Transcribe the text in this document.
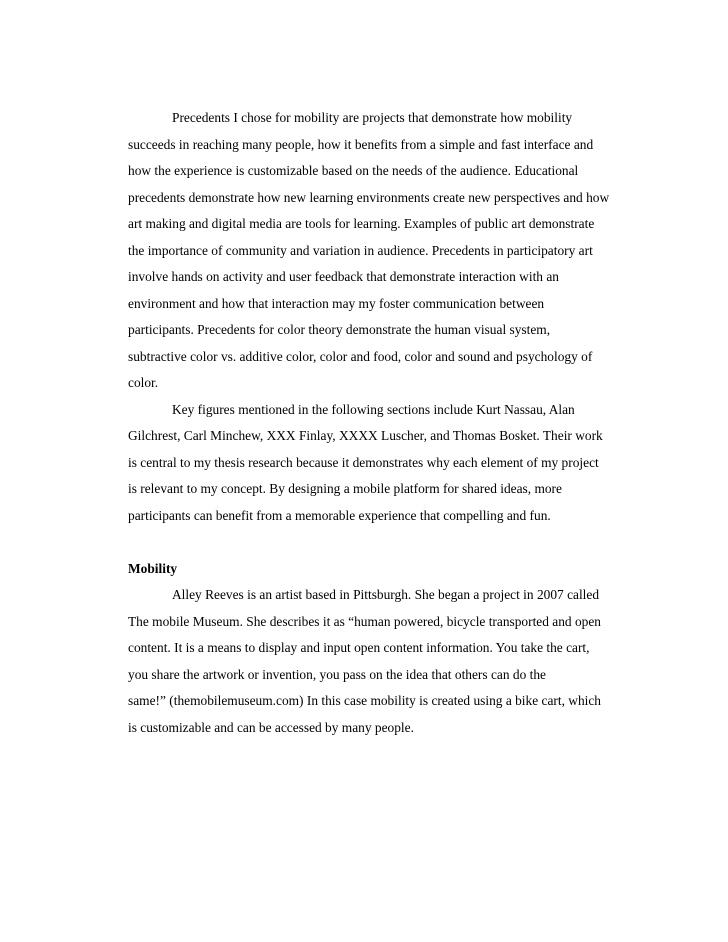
Precedents I chose for mobility are projects that demonstrate how mobility
succeeds in reaching many people, how it benefits from a simple and fast interface and
how the experience is customizable based on the needs of the audience. Educational
precedents demonstrate how new learning environments create new perspectives and how
art making and digital media are tools for learning. Examples of public art demonstrate
the importance of community and variation in audience. Precedents in participatory art
involve hands on activity and user feedback that demonstrate interaction with an
environment and how that interaction may my foster communication between
participants. Precedents for color theory demonstrate the human visual system,
subtractive color vs. additive color, color and food, color and sound and psychology of
color.
Key figures mentioned in the following sections include Kurt Nassau, Alan
Gilchrest, Carl Minchew, XXX Finlay, XXXX Luscher, and Thomas Bosket. Their work
is central to my thesis research because it demonstrates why each element of my project
is relevant to my concept. By designing a mobile platform for shared ideas, more
participants can benefit from a memorable experience that compelling and fun.
Mobility
Alley Reeves is an artist based in Pittsburgh. She began a project in 2007 called
The mobile Museum. She describes it as “human powered, bicycle transported and open
content. It is a means to display and input open content information. You take the cart,
you share the artwork or invention, you pass on the idea that others can do the
same!” (themobilemuseum.com) In this case mobility is created using a bike cart, which
is customizable and can be accessed by many people.
